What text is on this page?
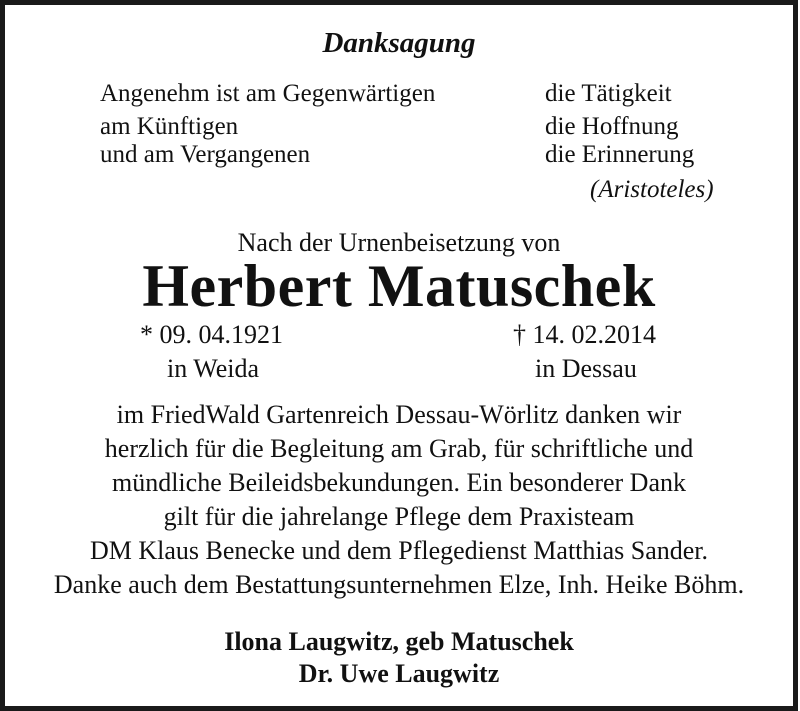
Danksagung
Angenehm ist am Gegenwärtigen
am Künftigen
und am Vergangenen
die Tätigkeit
die Hoffnung
die Erinnerung
(Aristoteles)
Nach der Urnenbeisetzung von
Herbert Matuschek
* 09. 04.1921
in Weida
† 14. 02.2014
in Dessau
im FriedWald Gartenreich Dessau-Wörlitz danken wir
herzlich für die Begleitung am Grab, für schriftliche und
mündliche Beileidsbekundungen. Ein besonderer Dank
gilt für die jahrelange Pflege dem Praxisteam
DM Klaus Benecke und dem Pflegedienst Matthias Sander.
Danke auch dem Bestattungsunternehmen Elze, Inh. Heike Böhm.
Ilona Laugwitz, geb Matuschek
Dr. Uwe Laugwitz
